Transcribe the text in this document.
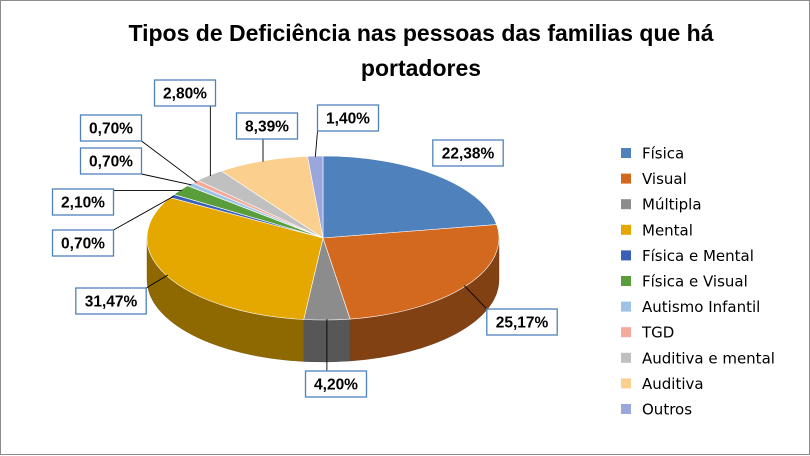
Tipos de Deficiência nas pessoas das familias que há
portadores
22,38%
25,17%
4,20%
31,47%
0,70%
2,10%
0,70%
0,70%
2,80%
8,39% 1,40%
Física
Visual
Múltipla
Mental
Física e Mental
Física e Visual
Autismo Infantil
TGD
Auditiva e mental
Auditiva
Outros
